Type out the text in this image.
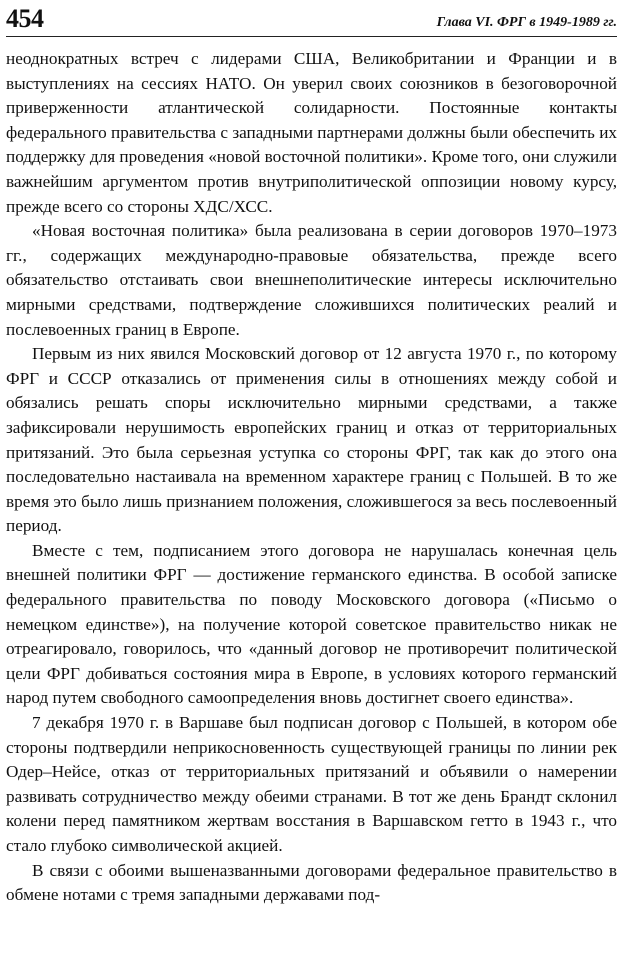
454	Глава VI. ФРГ в 1949-1989 гг.

неоднократных встреч с лидерами США, Великобритании и Франции и в выступлениях на сессиях НАТО. Он уверил своих союзников в безоговорочной приверженности атлантической солидарности. Постоянные контакты федерального правительства с западными партнерами должны были обеспечить их поддержку для проведения «новой восточной политики». Кроме того, они служили важнейшим аргументом против внутриполитической оппозиции новому курсу, прежде всего со стороны ХДС/ХСС.

«Новая восточная политика» была реализована в серии договоров 1970–1973 гг., содержащих международно-правовые обязательства, прежде всего обязательство отстаивать свои внешнеполитические интересы исключительно мирными средствами, подтверждение сложившихся политических реалий и послевоенных границ в Европе.

Первым из них явился Московский договор от 12 августа 1970 г., по которому ФРГ и СССР отказались от применения силы в отношениях между собой и обязались решать споры исключительно мирными средствами, а также зафиксировали нерушимость европейских границ и отказ от территориальных притязаний. Это была серьезная уступка со стороны ФРГ, так как до этого она последовательно настаивала на временном характере границ с Польшей. В то же время это было лишь признанием положения, сложившегося за весь послевоенный период.

Вместе с тем, подписанием этого договора не нарушалась конечная цель внешней политики ФРГ — достижение германского единства. В особой записке федерального правительства по поводу Московского договора («Письмо о немецком единстве»), на получение которой советское правительство никак не отреагировало, говорилось, что «данный договор не противоречит политической цели ФРГ добиваться состояния мира в Европе, в условиях которого германский народ путем свободного самоопределения вновь достигнет своего единства».

7 декабря 1970 г. в Варшаве был подписан договор с Польшей, в котором обе стороны подтвердили неприкосновенность существующей границы по линии рек Одер–Нейсе, отказ от территориальных притязаний и объявили о намерении развивать сотрудничество между обеими странами. В тот же день Брандт склонил колени перед памятником жертвам восстания в Варшавском гетто в 1943 г., что стало глубоко символической акцией.

В связи с обоими вышеназванными договорами федеральное правительство в обмене нотами с тремя западными державами под-
